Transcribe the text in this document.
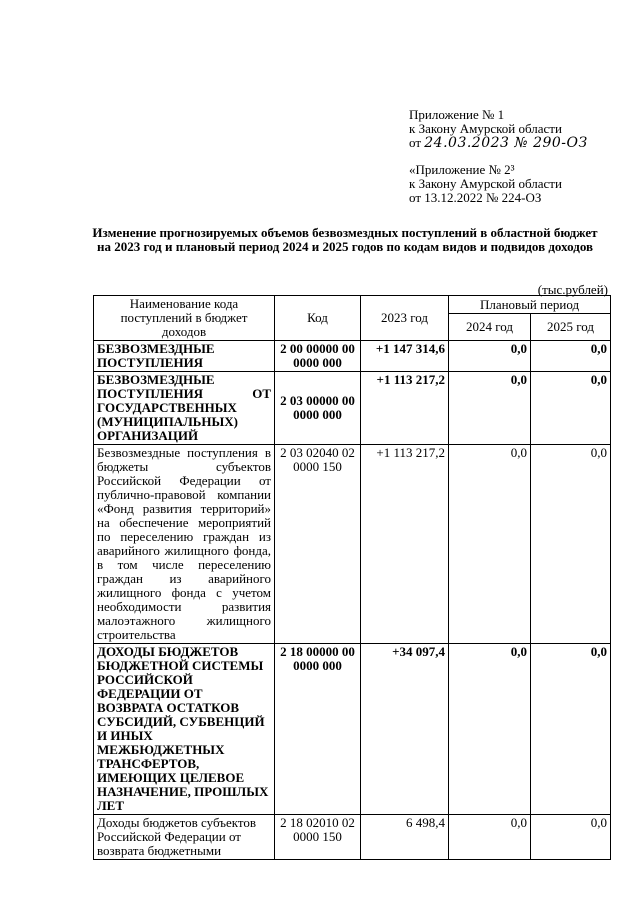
Приложение № 1
к Закону Амурской области
от 24.03.2023 № 290-ОЗ
«Приложение № 2³
к Закону Амурской области
от 13.12.2022 № 224-ОЗ
Изменение прогнозируемых объемов безвозмездных поступлений в областной бюджет на 2023 год и плановый период 2024 и 2025 годов по кодам видов и подвидов доходов
(тыс.рублей)
Наименование кода поступлений в бюджет доходов	Код	2023 год	Плановый период	
			2024 год	2025 год
БЕЗВОЗМЕЗДНЫЕ ПОСТУПЛЕНИЯ	2 00 00000 00 0000 000	+1 147 314,6	0,0	0,0
БЕЗВОЗМЕЗДНЫЕ ПОСТУПЛЕНИЯ ОТ ГОСУДАРСТВЕННЫХ (МУНИЦИПАЛЬНЫХ) ОРГАНИЗАЦИЙ	2 03 00000 00 0000 000	+1 113 217,2	0,0	0,0
Безвозмездные поступления в бюджеты субъектов Российской Федерации от публично-правовой компании «Фонд развития территорий» на обеспечение мероприятий по переселению граждан из аварийного жилищного фонда, в том числе переселению граждан из аварийного жилищного фонда с учетом необходимости развития малоэтажного жилищного строительства	2 03 02040 02 0000 150	+1 113 217,2	0,0	0,0
ДОХОДЫ БЮДЖЕТОВ БЮДЖЕТНОЙ СИСТЕМЫ РОССИЙСКОЙ ФЕДЕРАЦИИ ОТ ВОЗВРАТА ОСТАТКОВ СУБСИДИЙ, СУБВЕНЦИЙ И ИНЫХ МЕЖБЮДЖЕТНЫХ ТРАНСФЕРТОВ, ИМЕЮЩИХ ЦЕЛЕВОЕ НАЗНАЧЕНИЕ, ПРОШЛЫХ ЛЕТ	2 18 00000 00 0000 000	+34 097,4	0,0	0,0
Доходы бюджетов субъектов Российской Федерации от возврата бюджетными	2 18 02010 02 0000 150	6 498,4	0,0	0,0
